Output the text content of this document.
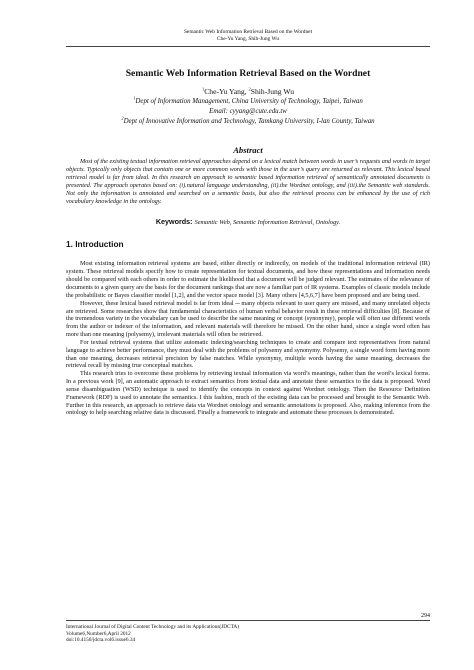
Semantic Web Information Retrieval Based on the Wordnet
Che-Yu Yang, Shih-Jung Wu
Semantic Web Information Retrieval Based on the Wordnet
$^1$Che-Yu Yang, $^2$Shih-Jung Wu
$^1$Dept of Information Management, China University of Technology, Taipei, Taiwan
Email: cyyang@cute.edu.tw
$^2$Dept of Innovative Information and Technology, Tamkang University, I-lan County, Taiwan
Abstract

Most of the existing textual information retrieval approaches depend on a lexical match between words in user’s requests and words in target objects. Typically only objects that contain one or more common words with those in the user’s query are returned as relevant. This lexical based retrieval model is far from ideal. In this research an approach to semantic based information retrieval of semantically annotated documents is presented. The approach operates based on: (i).natural language understanding, (ii).the Wordnet ontology, and (iii).the Semantic web standards. Not only the information is annotated and searched on a semantic basis, but also the retrieval process can be enhanced by the use of rich vocabulary knowledge in the ontology.

Keywords: Semantic Web, Semantic Information Retrieval, Ontology.
1. Introduction

Most existing information retrieval systems are based, either directly or indirectly, on models of the traditional information retrieval (IR) system. These retrieval models specify how to create representation for textual documents, and how these representations and information needs should be compared with each others in order to estimate the likelihood that a document will be judged relevant. The estimates of the relevance of documents to a given query are the basis for the document rankings that are now a familiar part of IR systems. Examples of classic models include the probabilistic or Bayes classifier model [1,2], and the vector space model [3]. Many others [4,5,6,7] have been proposed and are being used.

However, these lexical based retrieval model is far from ideal ─ many objects relevant to user query are missed, and many unrelated objects are retrieved. Some researches show that fundamental characteristics of human verbal behavior result in these retrieval difficulties [8]. Because of the tremendous variety in the vocabulary can be used to describe the same meaning or concept (synonymy), people will often use different words from the author or indexer of the information, and relevant materials will therefore be missed. On the other hand, since a single word often has more than one meaning (polysemy), irrelevant materials will often be retrieved.

For textual retrieval systems that utilize automatic indexing/searching techniques to create and compare text representatives from natural language to achieve better performance, they must deal with the problems of polysemy and synonymy. Polysemy, a single word form having more than one meaning, decreases retrieval precision by false matches. While synonymy, multiple words having the same meaning, decreases the retrieval recall by missing true conceptual matches.

This research tries to overcome these problems by retrieving textual information via word’s meanings, rather than the word’s lexical forms. In a previous work [9], an automatic approach to extract semantics from textual data and annotate these semantics to the data is proposed. Word sense disambiguation (WSD) technique is used to identify the concepts in context against Wordnet ontology. Then the Resource Definition Framework (RDF) is used to annotate the semantics. I this fashion, much of the existing data can be processed and brought to the Semantic Web. Further in this research, an approach to retrieve data via Wordnet ontology and semantic annotations is proposed. Also, making inference from the ontology to help searching relative data is discussed. Finally a framework to integrate and automate these processes is demonstrated.

294
International Journal of Digital Content Technology and its Applications(JDCTA)
Volume6,Number6,April 2012
doi:10.4156/jdcta.vol6.issue6.34
